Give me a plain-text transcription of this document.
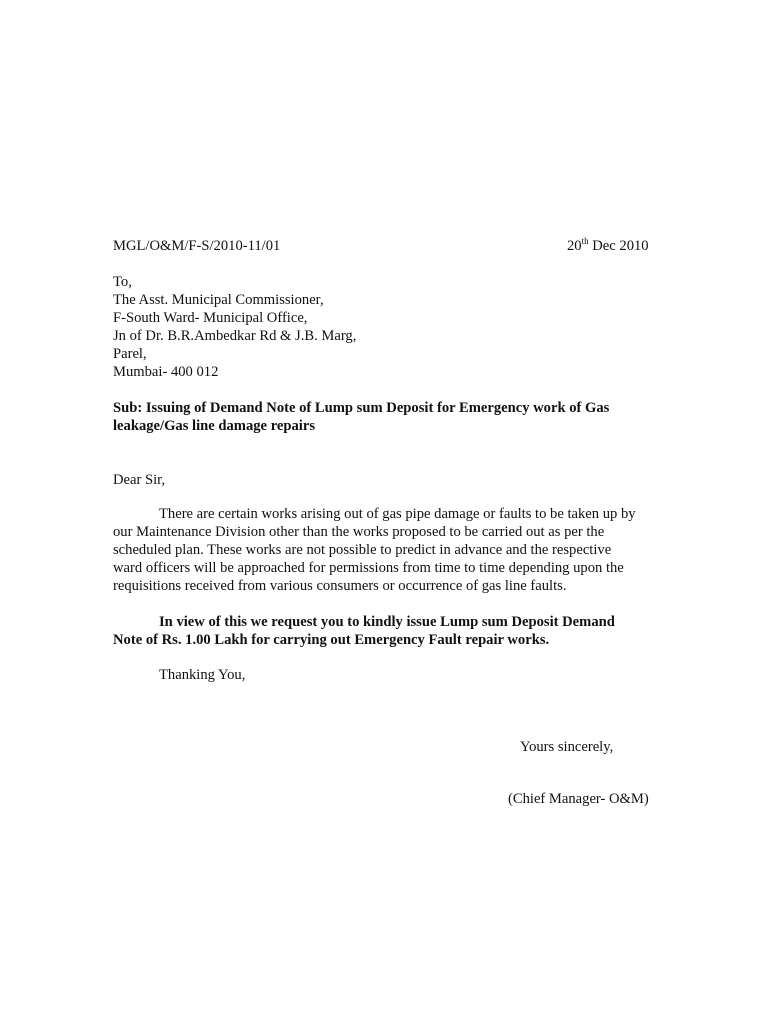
MGL/O&M/F-S/2010-11/01	20th Dec 2010
To,
The Asst. Municipal Commissioner,
F-South Ward- Municipal Office,
Jn of Dr. B.R.Ambedkar Rd & J.B. Marg,
Parel,
Mumbai- 400 012
Sub: Issuing of Demand Note of Lump sum Deposit for Emergency work of Gas
leakage/Gas line damage repairs
Dear Sir,
There are certain works arising out of gas pipe damage or faults to be taken up by
our Maintenance Division other than the works proposed to be carried out as per the
scheduled plan. These works are not possible to predict in advance and the respective
ward officers will be approached for permissions from time to time depending upon the
requisitions received from various consumers or occurrence of gas line faults.
In view of this we request you to kindly issue Lump sum Deposit Demand
Note of Rs. 1.00 Lakh for carrying out Emergency Fault repair works.
Thanking You,
Yours sincerely,
(Chief Manager- O&M)
